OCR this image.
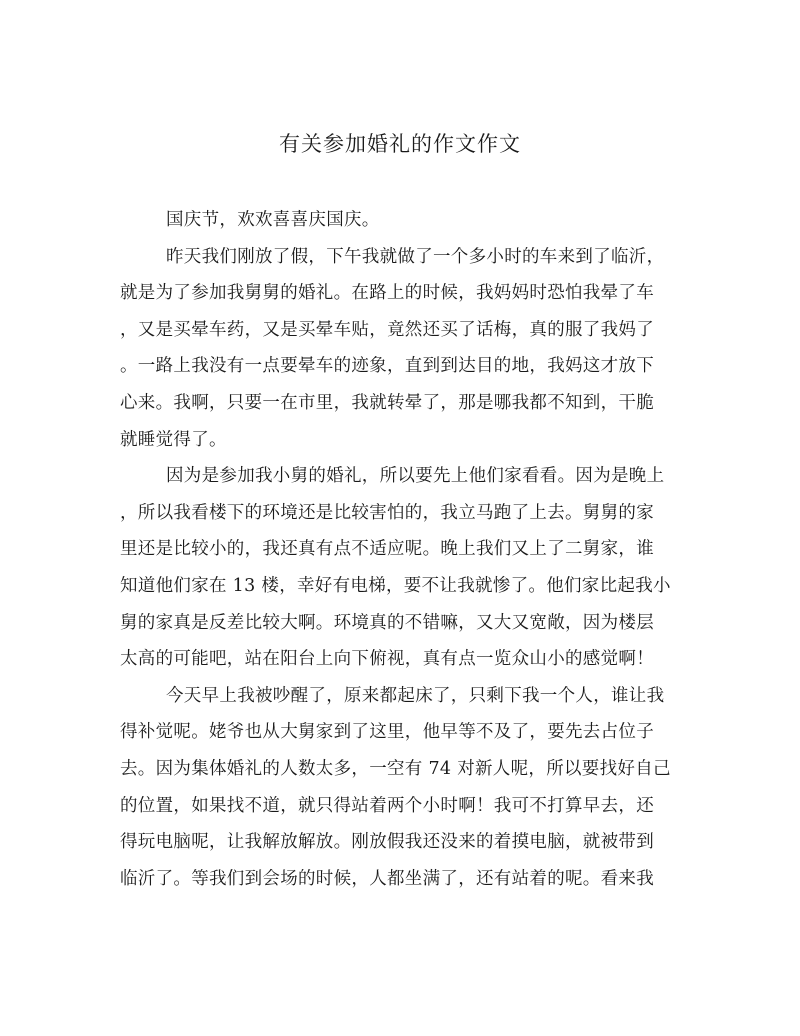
有关参加婚礼的作文作文

国庆节，欢欢喜喜庆国庆。

昨天我们刚放了假，下午我就做了一个多小时的车来到了临沂，
就是为了参加我舅舅的婚礼。在路上的时候，我妈妈时恐怕我晕了车
，又是买晕车药，又是买晕车贴，竟然还买了话梅，真的服了我妈了
。一路上我没有一点要晕车的迹象，直到到达目的地，我妈这才放下
心来。我啊，只要一在市里，我就转晕了，那是哪我都不知到，干脆
就睡觉得了。

因为是参加我小舅的婚礼，所以要先上他们家看看。因为是晚上
，所以我看楼下的环境还是比较害怕的，我立马跑了上去。舅舅的家
里还是比较小的，我还真有点不适应呢。晚上我们又上了二舅家，谁
知道他们家在 13 楼，幸好有电梯，要不让我就惨了。他们家比起我小
舅的家真是反差比较大啊。环境真的不错嘛，又大又宽敞，因为楼层
太高的可能吧，站在阳台上向下俯视，真有点一览众山小的感觉啊！

今天早上我被吵醒了，原来都起床了，只剩下我一个人，谁让我
得补觉呢。姥爷也从大舅家到了这里，他早等不及了，要先去占位子
去。因为集体婚礼的人数太多，一空有 74 对新人呢，所以要找好自己
的位置，如果找不道，就只得站着两个小时啊！我可不打算早去，还
得玩电脑呢，让我解放解放。刚放假我还没来的着摸电脑，就被带到
临沂了。等我们到会场的时候，人都坐满了，还有站着的呢。看来我
